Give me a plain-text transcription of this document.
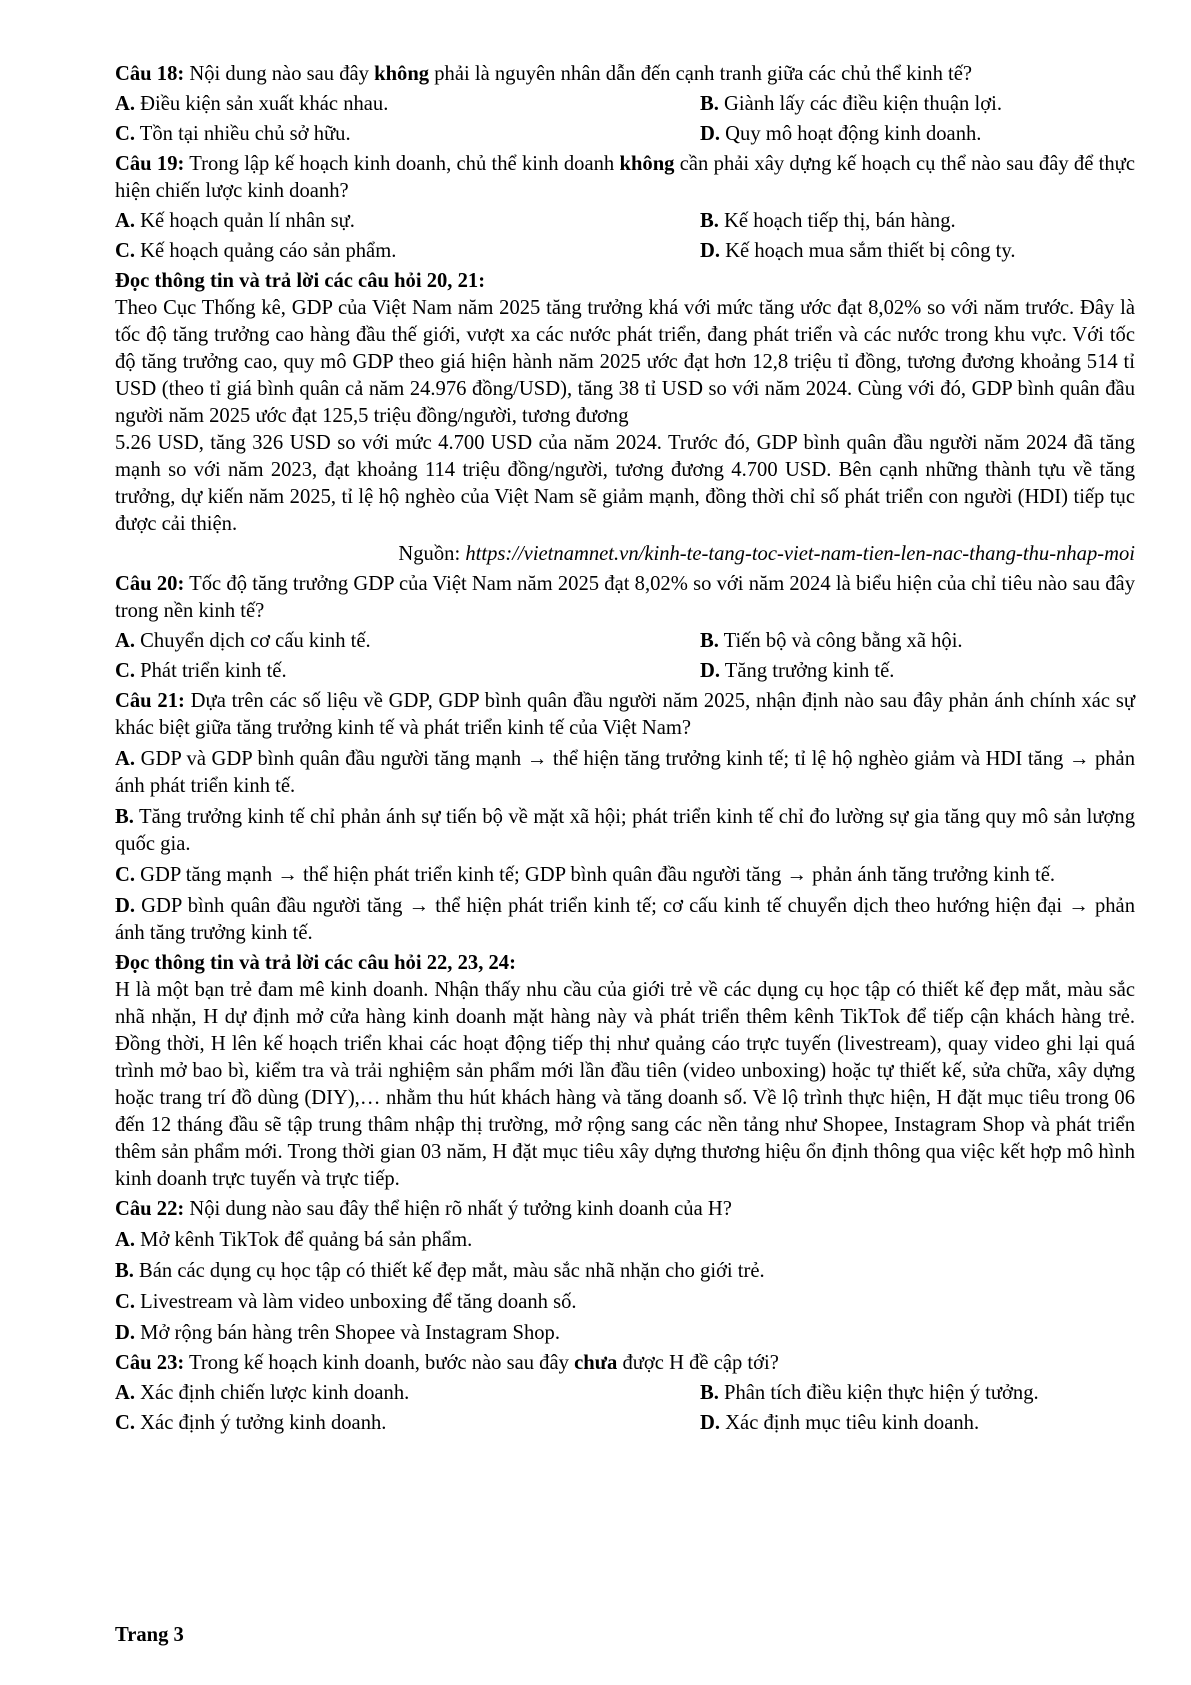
Câu 18: Nội dung nào sau đây không phải là nguyên nhân dẫn đến cạnh tranh giữa các chủ thể kinh tế?
A. Điều kiện sản xuất khác nhau.	B. Giành lấy các điều kiện thuận lợi.
C. Tồn tại nhiều chủ sở hữu.	D. Quy mô hoạt động kinh doanh.
Câu 19: Trong lập kế hoạch kinh doanh, chủ thể kinh doanh không cần phải xây dựng kế hoạch cụ thể nào sau đây để thực hiện chiến lược kinh doanh?
A. Kế hoạch quản lí nhân sự.	B. Kế hoạch tiếp thị, bán hàng.
C. Kế hoạch quảng cáo sản phẩm.	D. Kế hoạch mua sắm thiết bị công ty.
Đọc thông tin và trả lời các câu hỏi 20, 21:
Theo Cục Thống kê, GDP của Việt Nam năm 2025 tăng trưởng khá với mức tăng ước đạt 8,02% so với năm trước. Đây là tốc độ tăng trưởng cao hàng đầu thế giới, vượt xa các nước phát triển, đang phát triển và các nước trong khu vực. Với tốc độ tăng trưởng cao, quy mô GDP theo giá hiện hành năm 2025 ước đạt hơn 12,8 triệu tỉ đồng, tương đương khoảng 514 tỉ USD (theo tỉ giá bình quân cả năm 24.976 đồng/USD), tăng 38 tỉ USD so với năm 2024. Cùng với đó, GDP bình quân đầu người năm 2025 ước đạt 125,5 triệu đồng/người, tương đương
5.26 USD, tăng 326 USD so với mức 4.700 USD của năm 2024. Trước đó, GDP bình quân đầu người năm 2024 đã tăng mạnh so với năm 2023, đạt khoảng 114 triệu đồng/người, tương đương 4.700 USD. Bên cạnh những thành tựu về tăng trưởng, dự kiến năm 2025, tỉ lệ hộ nghèo của Việt Nam sẽ giảm mạnh, đồng thời chỉ số phát triển con người (HDI) tiếp tục được cải thiện.
Nguồn: https://vietnamnet.vn/kinh-te-tang-toc-viet-nam-tien-len-nac-thang-thu-nhap-moi
Câu 20: Tốc độ tăng trưởng GDP của Việt Nam năm 2025 đạt 8,02% so với năm 2024 là biểu hiện của chỉ tiêu nào sau đây trong nền kinh tế?
A. Chuyển dịch cơ cấu kinh tế.	B. Tiến bộ và công bằng xã hội.
C. Phát triển kinh tế.	D. Tăng trưởng kinh tế.
Câu 21: Dựa trên các số liệu về GDP, GDP bình quân đầu người năm 2025, nhận định nào sau đây phản ánh chính xác sự khác biệt giữa tăng trưởng kinh tế và phát triển kinh tế của Việt Nam?
A. GDP và GDP bình quân đầu người tăng mạnh → thể hiện tăng trưởng kinh tế; tỉ lệ hộ nghèo giảm và HDI tăng → phản ánh phát triển kinh tế.
B. Tăng trưởng kinh tế chỉ phản ánh sự tiến bộ về mặt xã hội; phát triển kinh tế chỉ đo lường sự gia tăng quy mô sản lượng quốc gia.
C. GDP tăng mạnh → thể hiện phát triển kinh tế; GDP bình quân đầu người tăng → phản ánh tăng trưởng kinh tế.
D. GDP bình quân đầu người tăng → thể hiện phát triển kinh tế; cơ cấu kinh tế chuyển dịch theo hướng hiện đại → phản ánh tăng trưởng kinh tế.
Đọc thông tin và trả lời các câu hỏi 22, 23, 24:
H là một bạn trẻ đam mê kinh doanh. Nhận thấy nhu cầu của giới trẻ về các dụng cụ học tập có thiết kế đẹp mắt, màu sắc nhã nhặn, H dự định mở cửa hàng kinh doanh mặt hàng này và phát triển thêm kênh TikTok để tiếp cận khách hàng trẻ. Đồng thời, H lên kế hoạch triển khai các hoạt động tiếp thị như quảng cáo trực tuyến (livestream), quay video ghi lại quá trình mở bao bì, kiểm tra và trải nghiệm sản phẩm mới lần đầu tiên (video unboxing) hoặc tự thiết kế, sửa chữa, xây dựng hoặc trang trí đồ dùng (DIY),… nhằm thu hút khách hàng và tăng doanh số. Về lộ trình thực hiện, H đặt mục tiêu trong 06 đến 12 tháng đầu sẽ tập trung thâm nhập thị trường, mở rộng sang các nền tảng như Shopee, Instagram Shop và phát triển thêm sản phẩm mới. Trong thời gian 03 năm, H đặt mục tiêu xây dựng thương hiệu ổn định thông qua việc kết hợp mô hình kinh doanh trực tuyến và trực tiếp.
Câu 22: Nội dung nào sau đây thể hiện rõ nhất ý tưởng kinh doanh của H?
A. Mở kênh TikTok để quảng bá sản phẩm.
B. Bán các dụng cụ học tập có thiết kế đẹp mắt, màu sắc nhã nhặn cho giới trẻ.
C. Livestream và làm video unboxing để tăng doanh số.
D. Mở rộng bán hàng trên Shopee và Instagram Shop.
Câu 23: Trong kế hoạch kinh doanh, bước nào sau đây chưa được H đề cập tới?
A. Xác định chiến lược kinh doanh.	B. Phân tích điều kiện thực hiện ý tưởng.
C. Xác định ý tưởng kinh doanh.	D. Xác định mục tiêu kinh doanh.
Trang 3
